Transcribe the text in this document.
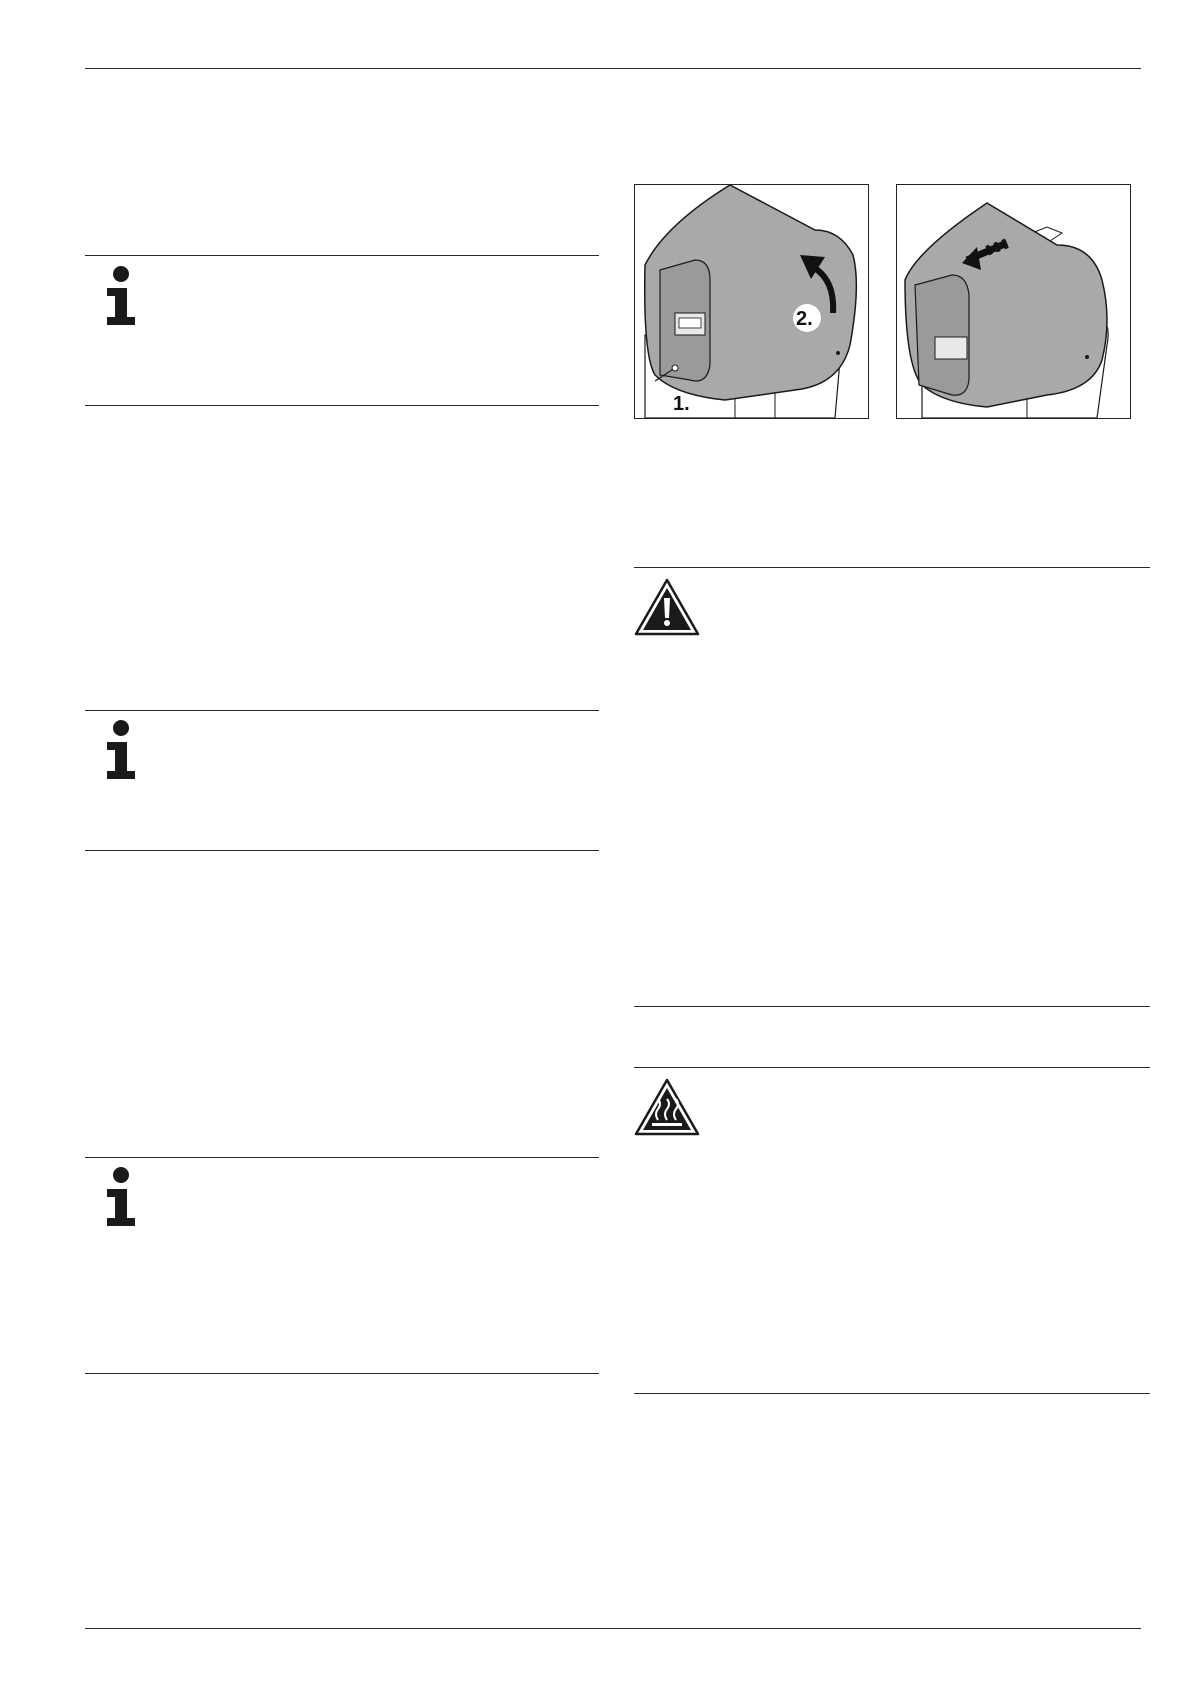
2.
1.
